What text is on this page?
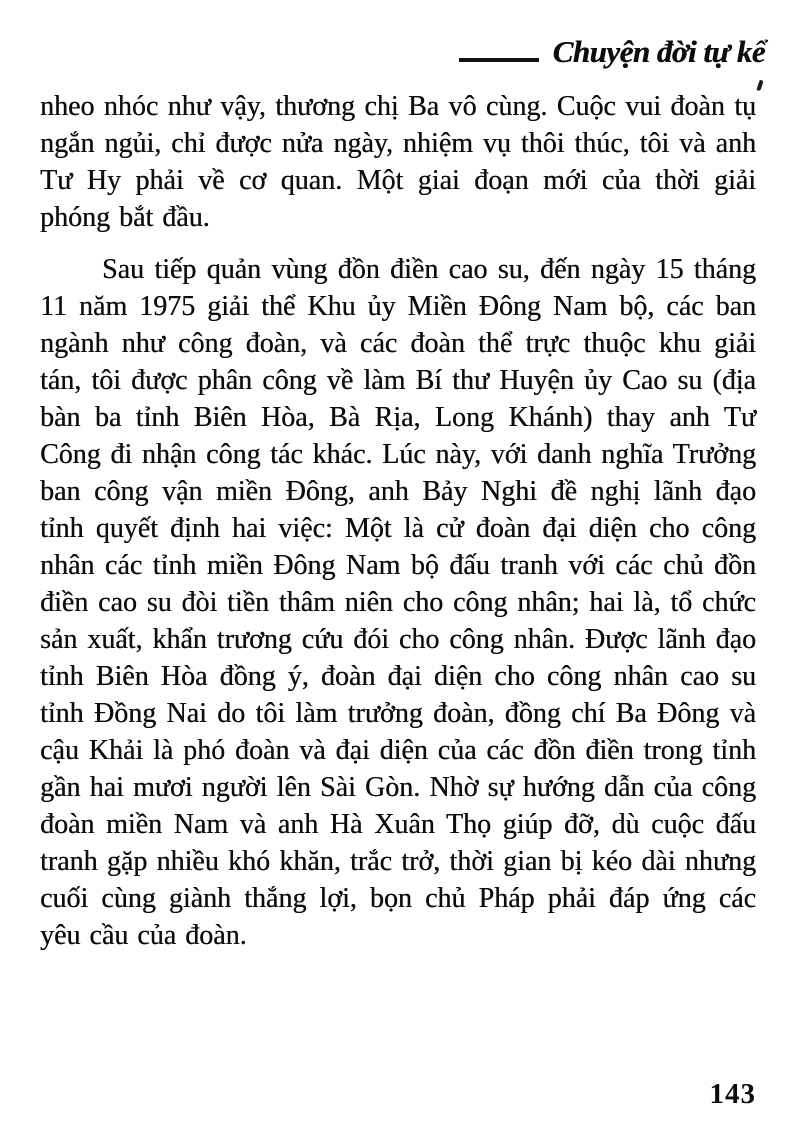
Chuyện đời tự kể

nheo nhóc như vậy, thương chị Ba vô cùng. Cuộc vui đoàn tụ ngắn ngủi, chỉ được nửa ngày, nhiệm vụ thôi thúc, tôi và anh Tư Hy phải về cơ quan. Một giai đoạn mới của thời giải phóng bắt đầu.

Sau tiếp quản vùng đồn điền cao su, đến ngày 15 tháng 11 năm 1975 giải thể Khu ủy Miền Đông Nam bộ, các ban ngành như công đoàn, và các đoàn thể trực thuộc khu giải tán, tôi được phân công về làm Bí thư Huyện ủy Cao su (địa bàn ba tỉnh Biên Hòa, Bà Rịa, Long Khánh) thay anh Tư Công đi nhận công tác khác. Lúc này, với danh nghĩa Trưởng ban công vận miền Đông, anh Bảy Nghi đề nghị lãnh đạo tỉnh quyết định hai việc: Một là cử đoàn đại diện cho công nhân các tỉnh miền Đông Nam bộ đấu tranh với các chủ đồn điền cao su đòi tiền thâm niên cho công nhân; hai là, tổ chức sản xuất, khẩn trương cứu đói cho công nhân. Được lãnh đạo tỉnh Biên Hòa đồng ý, đoàn đại diện cho công nhân cao su tỉnh Đồng Nai do tôi làm trưởng đoàn, đồng chí Ba Đông và cậu Khải là phó đoàn và đại diện của các đồn điền trong tỉnh gần hai mươi người lên Sài Gòn. Nhờ sự hướng dẫn của công đoàn miền Nam và anh Hà Xuân Thọ giúp đỡ, dù cuộc đấu tranh gặp nhiều khó khăn, trắc trở, thời gian bị kéo dài nhưng cuối cùng giành thắng lợi, bọn chủ Pháp phải đáp ứng các yêu cầu của đoàn.

143
